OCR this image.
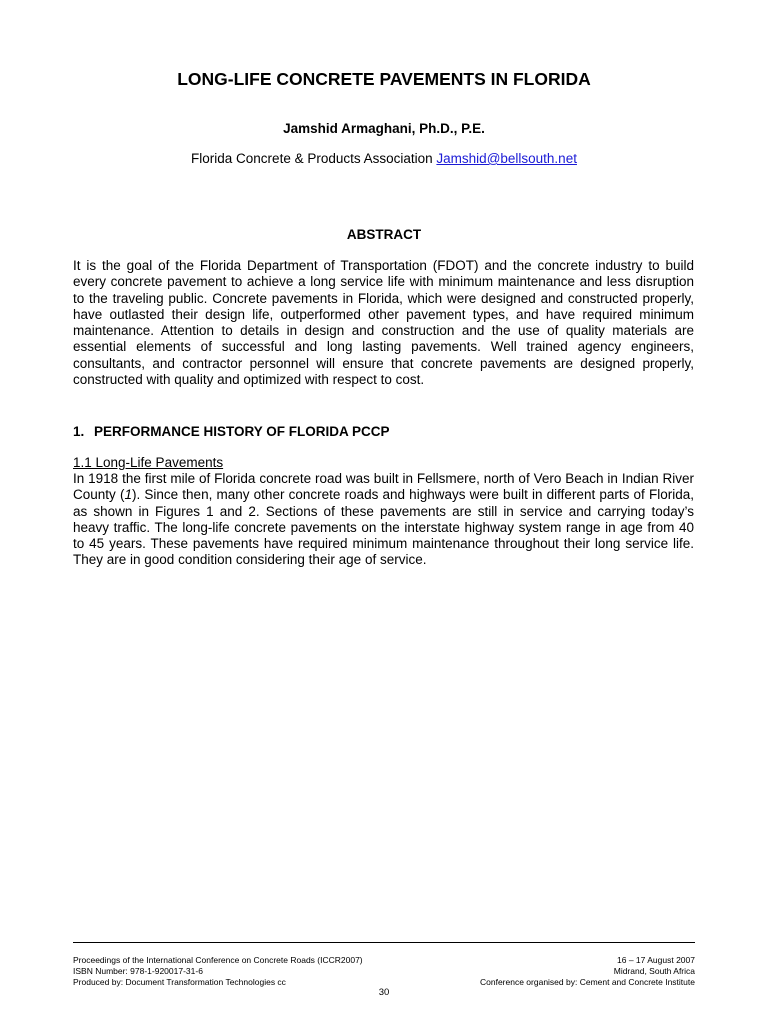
LONG-LIFE CONCRETE PAVEMENTS IN FLORIDA
Jamshid Armaghani, Ph.D., P.E.
Florida Concrete & Products Association Jamshid@bellsouth.net
ABSTRACT

It is the goal of the Florida Department of Transportation (FDOT) and the concrete industry to build every concrete pavement to achieve a long service life with minimum maintenance and less disruption to the traveling public. Concrete pavements in Florida, which were designed and constructed properly, have outlasted their design life, outperformed other pavement types, and have required minimum maintenance. Attention to details in design and construction and the use of quality materials are essential elements of successful and long lasting pavements. Well trained agency engineers, consultants, and contractor personnel will ensure that concrete pavements are designed properly, constructed with quality and optimized with respect to cost.

1. PERFORMANCE HISTORY OF FLORIDA PCCP
1.1 Long-Life Pavements

In 1918 the first mile of Florida concrete road was built in Fellsmere, north of Vero Beach in Indian River County (1). Since then, many other concrete roads and highways were built in different parts of Florida, as shown in Figures 1 and 2. Sections of these pavements are still in service and carrying today’s heavy traffic. The long-life concrete pavements on the interstate highway system range in age from 40 to 45 years. These pavements have required minimum maintenance throughout their long service life. They are in good condition considering their age of service.

Proceedings of the International Conference on Concrete Roads (ICCR2007)	16 – 17 August 2007
ISBN Number: 978-1-920017-31-6	Midrand, South Africa
Produced by: Document Transformation Technologies cc	Conference organised by: Cement and Concrete Institute
30
